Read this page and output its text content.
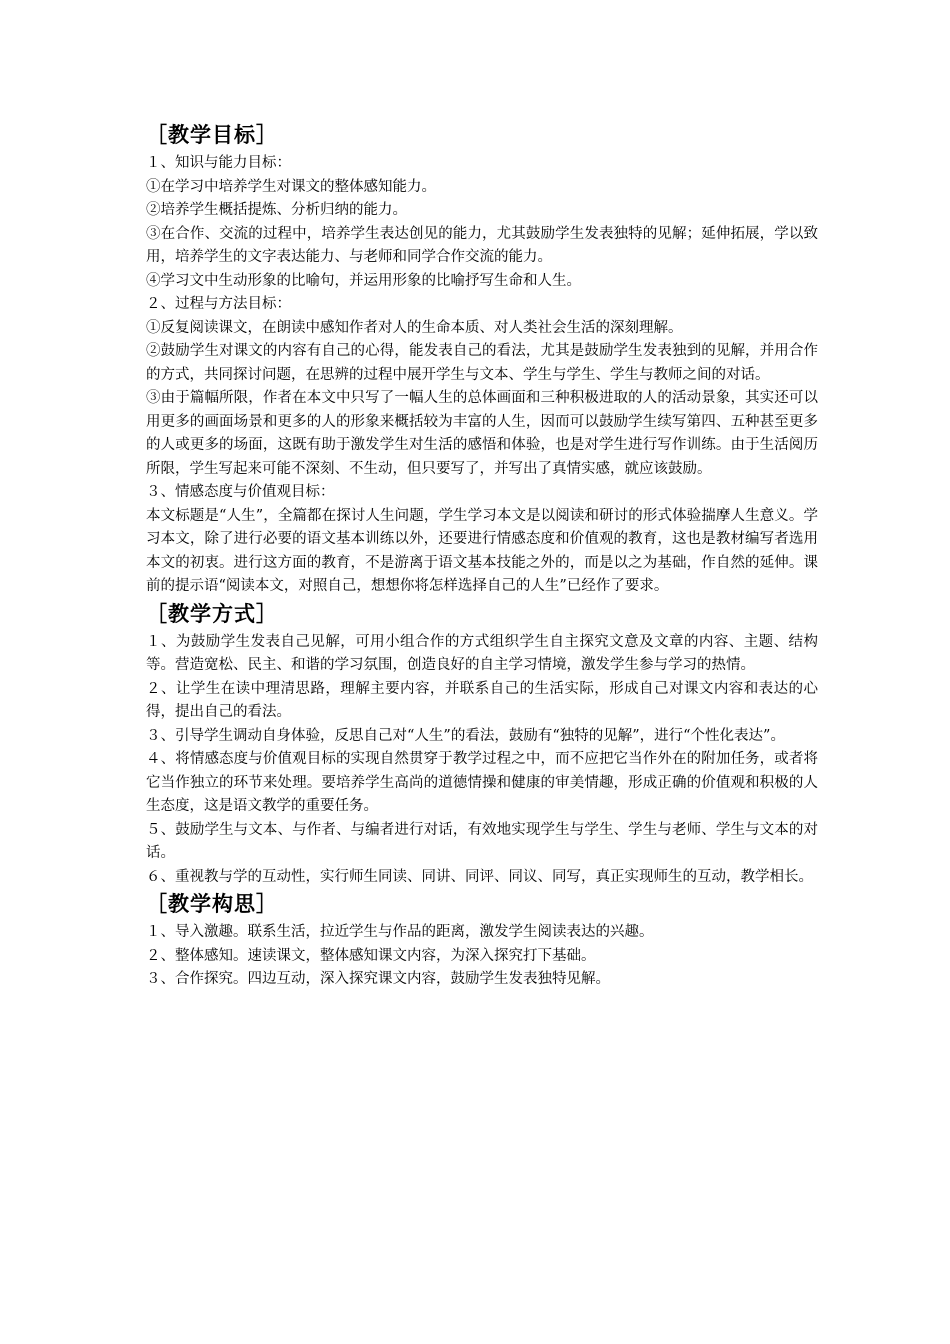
［教学目标］

１、知识与能力目标：

①在学习中培养学生对课文的整体感知能力。

②培养学生概括提炼、分析归纳的能力。

③在合作、交流的过程中，培养学生表达创见的能力，尤其鼓励学生发表独特的见解；延伸拓展，学以致用，培养学生的文字表达能力、与老师和同学合作交流的能力。

④学习文中生动形象的比喻句，并运用形象的比喻抒写生命和人生。

２、过程与方法目标：

①反复阅读课文，在朗读中感知作者对人的生命本质、对人类社会生活的深刻理解。

②鼓励学生对课文的内容有自己的心得，能发表自己的看法，尤其是鼓励学生发表独到的见解，并用合作的方式，共同探讨问题，在思辨的过程中展开学生与文本、学生与学生、学生与教师之间的对话。

③由于篇幅所限，作者在本文中只写了一幅人生的总体画面和三种积极进取的人的活动景象，其实还可以用更多的画面场景和更多的人的形象来概括较为丰富的人生，因而可以鼓励学生续写第四、五种甚至更多的人或更多的场面，这既有助于激发学生对生活的感悟和体验，也是对学生进行写作训练。由于生活阅历所限，学生写起来可能不深刻、不生动，但只要写了，并写出了真情实感，就应该鼓励。

３、情感态度与价值观目标：

本文标题是“人生”，全篇都在探讨人生问题，学生学习本文是以阅读和研讨的形式体验揣摩人生意义。学习本文，除了进行必要的语文基本训练以外，还要进行情感态度和价值观的教育，这也是教材编写者选用本文的初衷。进行这方面的教育，不是游离于语文基本技能之外的，而是以之为基础，作自然的延伸。课前的提示语“阅读本文，对照自己，想想你将怎样选择自己的人生”已经作了要求。

［教学方式］

１、为鼓励学生发表自己见解，可用小组合作的方式组织学生自主探究文意及文章的内容、主题、结构等。营造宽松、民主、和谐的学习氛围，创造良好的自主学习情境，激发学生参与学习的热情。

２、让学生在读中理清思路，理解主要内容，并联系自己的生活实际，形成自己对课文内容和表达的心得，提出自己的看法。

３、引导学生调动自身体验，反思自己对“人生”的看法，鼓励有“独特的见解”，进行“个性化表达”。

４、将情感态度与价值观目标的实现自然贯穿于教学过程之中，而不应把它当作外在的附加任务，或者将它当作独立的环节来处理。要培养学生高尚的道德情操和健康的审美情趣，形成正确的价值观和积极的人生态度，这是语文教学的重要任务。

５、鼓励学生与文本、与作者、与编者进行对话，有效地实现学生与学生、学生与老师、学生与文本的对话。

６、重视教与学的互动性，实行师生同读、同讲、同评、同议、同写，真正实现师生的互动，教学相长。

［教学构思］

１、导入激趣。联系生活，拉近学生与作品的距离，激发学生阅读表达的兴趣。

２、整体感知。速读课文，整体感知课文内容，为深入探究打下基础。

３、合作探究。四边互动，深入探究课文内容，鼓励学生发表独特见解。
